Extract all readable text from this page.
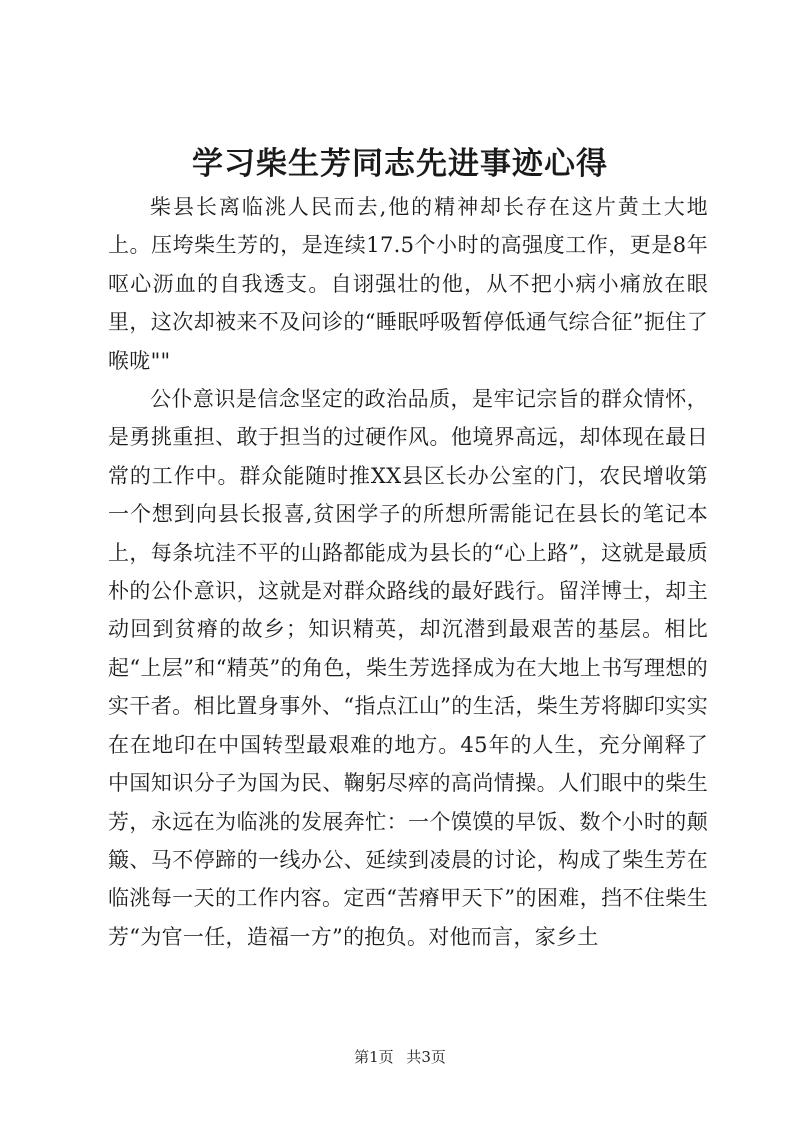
学习柴生芳同志先进事迹心得

柴县长离临洮人民而去,他的精神却长存在这片黄土大地上。压垮柴生芳的，是连续17.5个小时的高强度工作，更是8年呕心沥血的自我透支。自诩强壮的他，从不把小病小痛放在眼里，这次却被来不及问诊的“睡眠呼吸暂停低通气综合征”扼住了喉咙""

公仆意识是信念坚定的政治品质，是牢记宗旨的群众情怀，是勇挑重担、敢于担当的过硬作风。他境界高远，却体现在最日常的工作中。群众能随时推XX县区长办公室的门，农民增收第一个想到向县长报喜,贫困学子的所想所需能记在县长的笔记本上，每条坑洼不平的山路都能成为县长的“心上路”，这就是最质朴的公仆意识，这就是对群众路线的最好践行。留洋博士，却主动回到贫瘠的故乡；知识精英，却沉潜到最艰苦的基层。相比起“上层”和“精英”的角色，柴生芳选择成为在大地上书写理想的实干者。相比置身事外、“指点江山”的生活，柴生芳将脚印实实在在地印在中国转型最艰难的地方。45年的人生，充分阐释了中国知识分子为国为民、鞠躬尽瘁的高尚情操。人们眼中的柴生芳，永远在为临洮的发展奔忙：一个馍馍的早饭、数个小时的颠簸、马不停蹄的一线办公、延续到凌晨的讨论，构成了柴生芳在临洮每一天的工作内容。定西“苦瘠甲天下”的困难，挡不住柴生芳“为官一任，造福一方”的抱负。对他而言，家乡土

第1页 共3页
